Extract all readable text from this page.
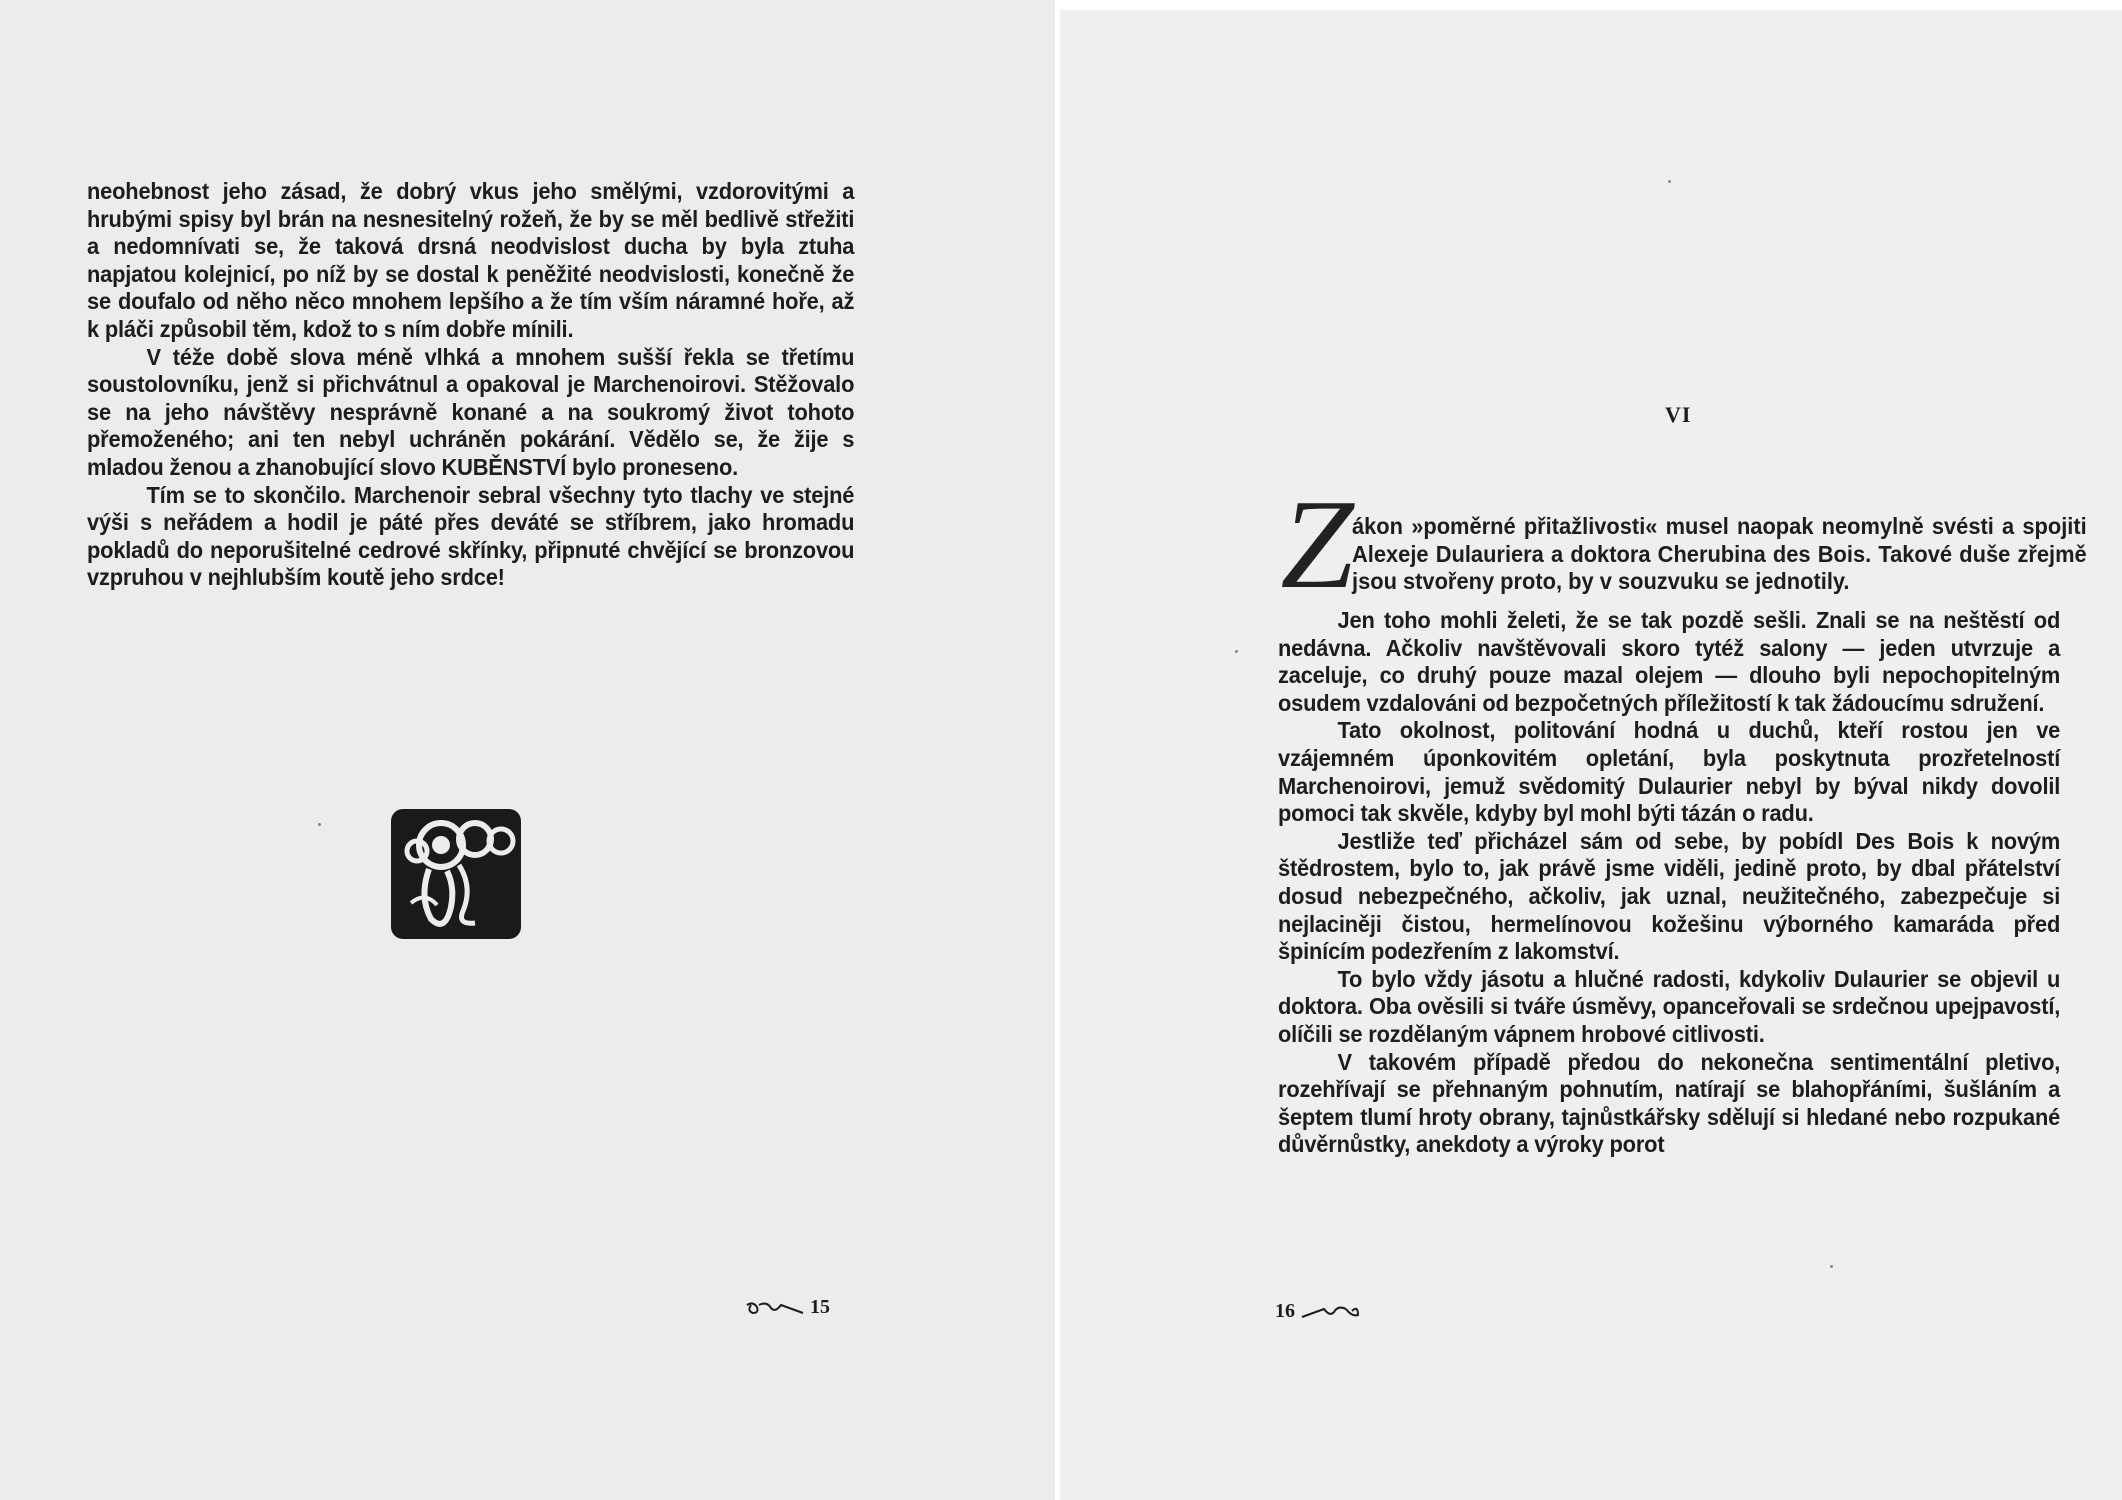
neohebnost jeho zásad, že dobrý vkus jeho smělými, vzdorovitými a hrubými spisy byl brán na nesnesitelný rožeň, že by se měl bedlivě střežiti a nedomnívati se, že taková drsná neodvislost ducha by byla ztuha napjatou kolejnicí, po níž by se dostal k peněžité neodvislosti, konečně že se doufalo od něho něco mnohem lepšího a že tím vším náramné hoře, až k pláči způsobil těm, kdož to s ním dobře mínili.

V téže době slova méně vlhká a mnohem sušší řekla se třetímu soustolovníku, jenž si přichvátnul a opakoval je Marchenoirovi. Stěžovalo se na jeho návštěvy nesprávně konané a na soukromý život tohoto přemoženého; ani ten nebyl uchráněn pokárání. Vědělo se, že žije s mladou ženou a zhanobující slovo KUBĚNSTVÍ bylo proneseno.

Tím se to skončilo. Marchenoir sebral všechny tyto tlachy ve stejné výši s neřádem a hodil je páté přes deváté se stříbrem, jako hromadu pokladů do neporušitelné cedrové skřínky, připnuté chvějící se bronzovou vzpruhou v nejhlubším koutě jeho srdce!

15
VI
Z

ákon »poměrné přitažlivosti« musel naopak neomylně svésti a spojiti Alexeje Dulauriera a doktora Cherubina des Bois. Takové duše zřejmě jsou stvořeny proto, by v souzvuku se jednotily.

Jen toho mohli želeti, že se tak pozdě sešli. Znali se na neštěstí od nedávna. Ačkoliv navštěvovali skoro tytéž salony — jeden utvrzuje a zaceluje, co druhý pouze mazal olejem — dlouho byli nepochopitelným osudem vzdalováni od bezpočetných příležitostí k tak žádoucímu sdružení.

Tato okolnost, politování hodná u duchů, kteří rostou jen ve vzájemném úponkovitém opletání, byla poskytnuta prozřetelností Marchenoirovi, jemuž svědomitý Dulaurier nebyl by býval nikdy dovolil pomoci tak skvěle, kdyby byl mohl býti tázán o radu.

Jestliže teď přicházel sám od sebe, by pobídl Des Bois k novým štědrostem, bylo to, jak právě jsme viděli, jedině proto, by dbal přátelství dosud nebezpečného, ačkoliv, jak uznal, neužitečného, zabezpečuje si nejlaciněji čistou, hermelínovou kožešinu výborného kamaráda před špinícím podezřením z lakomství.

To bylo vždy jásotu a hlučné radosti, kdykoliv Dulaurier se objevil u doktora. Oba ověsili si tváře úsměvy, opanceřovali se srdečnou upejpavostí, olíčili se rozdělaným vápnem hrobové citlivosti.

V takovém případě předou do nekonečna sentimentální pletivo, rozehřívají se přehnaným pohnutím, natírají se blahopřáními, šušláním a šeptem tlumí hroty obrany, tajnůstkářsky sdělují si hledané nebo rozpukané důvěrnůstky, anekdoty a výroky porot

16
